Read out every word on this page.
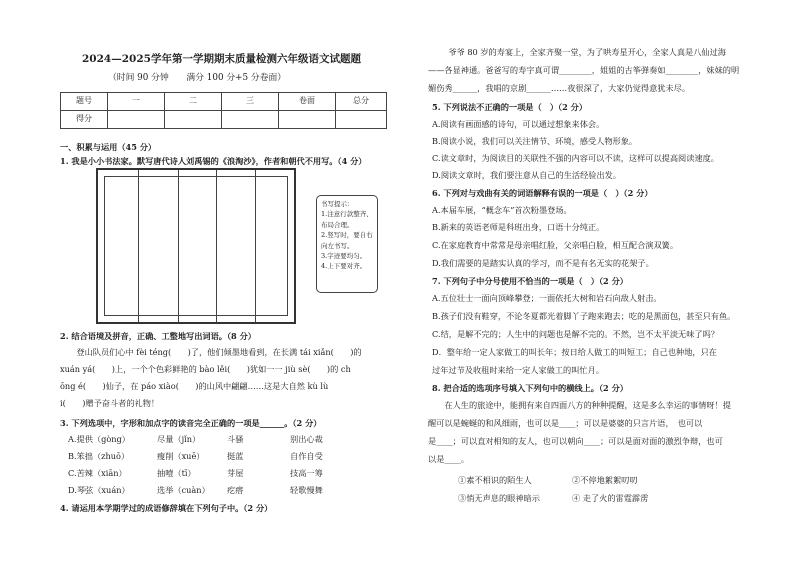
2024—2025学年第一学期期末质量检测六年级语文试题题
（时间 90 分钟　　满分 100 分+5 分卷面）
题号	一	二	三	卷面	总分
得分					
一、积累与运用（45 分）
1. 我是小小书法家。默写唐代诗人刘禹锡的《浪淘沙》，作者和朝代不用写。（4 分）
书写提示：
1.注意行款整齐、布局合理。
2.竖写时，要自右向左书写。
3.字迹要均匀。
4.上下要对齐。
2. 结合语境及拼音，正确、工整地写出词语。（8 分）
　　登山队员们心中 fèi téng(　　)了，他们倾墨地看到，在长满 tái xiǎn(　　)的
xuán yá(　　)上，一个个色彩鲜艳的 bào lěi(　　)犹如一一 jiù sè(　　)的 ch
ōng é(　　)仙子，在 páo xiào(　　)的山风中翩翩……这是大自然 kù lù
i(　　)赠予奋斗者的礼物！
3. 下列选项中，字形和加点字的读音完全正确的一项是______。（2 分）
A.提供（gòng）	尽量（jǐn）	斗骚	别出心裁
B.笨拙（zhuō）	瘦削（xuē）	挺蓝	自作自受
C.苦辣（xiān）	抽噎（tī）	芽屋	技高一筹
D.琴弦（xuán）	选举（cuàn） 疙瘩	轻歌慢舞
4. 请运用本学期学过的成语修辞填在下列句子中。（2 分）
　　爷爷 80 岁的寿宴上，全家齐聚一堂，为了哄寿星开心，全家人真是八仙过海
——各显神通。爸爸写的寿字真可谓________，姐姐的古筝弹奏如________，妹妹的明
媚伤秀______，我唱的京剧______……夜很深了，大家仍觉得意犹未尽。
5. 下列说法不正确的一项是（　）（2 分）
A.阅读有画面感的诗句，可以通过想象来体会。
B.阅读小说，我们可以关注情节、环境，感受人物形象。
C.读文章时，为阅读目的关联性不强的内容可以不读，这样可以提高阅读速度。
D.阅读文章时，我们要注意从自己的生活经验出发。
6. 下列对与戏曲有关的词语解释有误的一项是（　）（2 分）
A.本届车展，“概念车”首次粉墨登场。
B.新来的英语老师是科班出身，口语十分纯正。
C.在家庭教育中常常是母亲唱红脸，父亲唱白脸，相互配合演双簧。
D.我们需要的是踏实认真的学习，而不是有名无实的花架子。
7. 下列句子中分号使用不恰当的一项是（　）（2 分）
A.五位壮士一面向顶峰攀登；一面依托大树和岩石向敌人射击。
B.孩子们没有鞋穿，不论冬夏都光着脚丫子跑来跑去；吃的是黑面包，甚至只有鱼。
C.结，是解不完的；人生中的问题也是解不完的。不然，岂不太平淡无味了吗？
D．整年给一定人家做工的叫长年；按日给人做工的叫短工；自己也种地，只在
过年过节及收租时来给一定人家做工的叫忙月。
8. 把合适的选项序号填入下列句中的横线上。（2 分）
　　在人生的旅途中，能拥有来自四面八方的种种提醒，这是多么幸运的事情呀！提
醒可以是蜿蜒的和风细雨，也可以是____；可以是婆婆的只言片语，　也可以
是____；可以直对相知的友人，也可以朝向____；可以是面对面的激烈争辩，也可
以是____。
①素不相识的陌生人	②不停地絮絮叨叨
③悄无声息的眼神暗示	④ 走了火的雷霆霹雳
